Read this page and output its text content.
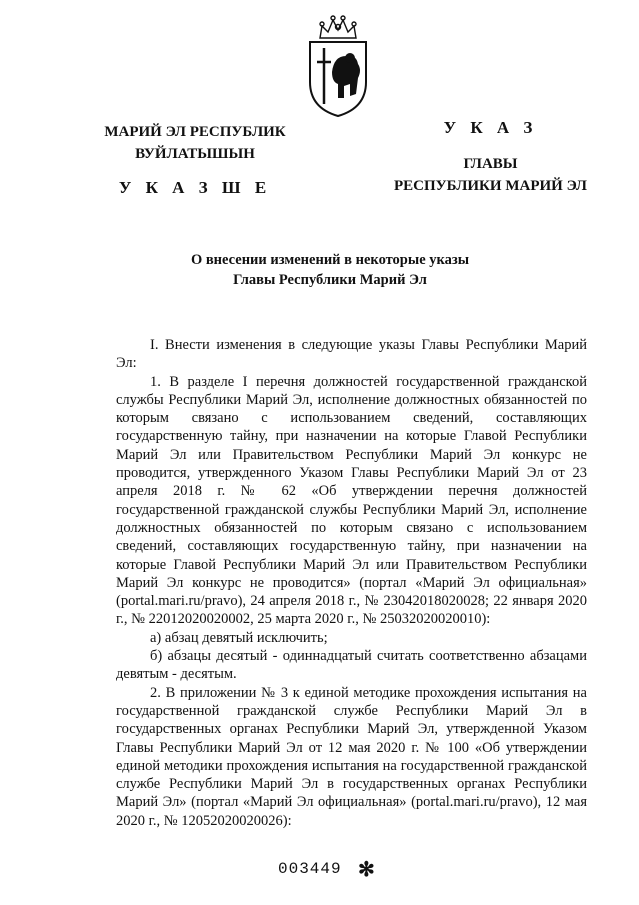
МАРИЙ ЭЛ РЕСПУБЛИК
ВУЙЛАТЫШЫН
У К А З Ш Е
У К А З
ГЛАВЫ
РЕСПУБЛИКИ МАРИЙ ЭЛ
О внесении изменений в некоторые указы
Главы Республики Марий Эл

I. Внести изменения в следующие указы Главы Республики Марий Эл:

1. В разделе I перечня должностей государственной гражданской службы Республики Марий Эл, исполнение должностных обязанностей по которым связано с использованием сведений, составляющих государственную тайну, при назначении на которые Главой Республики Марий Эл или Правительством Республики Марий Эл конкурс не проводится, утвержденного Указом Главы Республики Марий Эл от 23 апреля 2018 г. № 62 «Об утверждении перечня должностей государственной гражданской службы Республики Марий Эл, исполнение должностных обязанностей по которым связано с использованием сведений, составляющих государственную тайну, при назначении на которые Главой Республики Марий Эл или Правительством Республики Марий Эл конкурс не проводится» (портал «Марий Эл официальная» (portal.mari.ru/pravo), 24 апреля 2018 г., № 23042018020028; 22 января 2020 г., № 22012020020002, 25 марта 2020 г., № 25032020020010):

а) абзац девятый исключить;

б) абзацы десятый - одиннадцатый считать соответственно абзацами девятым - десятым.

2. В приложении № 3 к единой методике прохождения испытания на государственной гражданской службе Республики Марий Эл в государственных органах Республики Марий Эл, утвержденной Указом Главы Республики Марий Эл от 12 мая 2020 г. № 100 «Об утверждении единой методики прохождения испытания на государственной гражданской службе Республики Марий Эл в государственных органах Республики Марий Эл» (портал «Марий Эл официальная» (portal.mari.ru/pravo), 12 мая 2020 г., № 12052020020026):

003449 ✻
